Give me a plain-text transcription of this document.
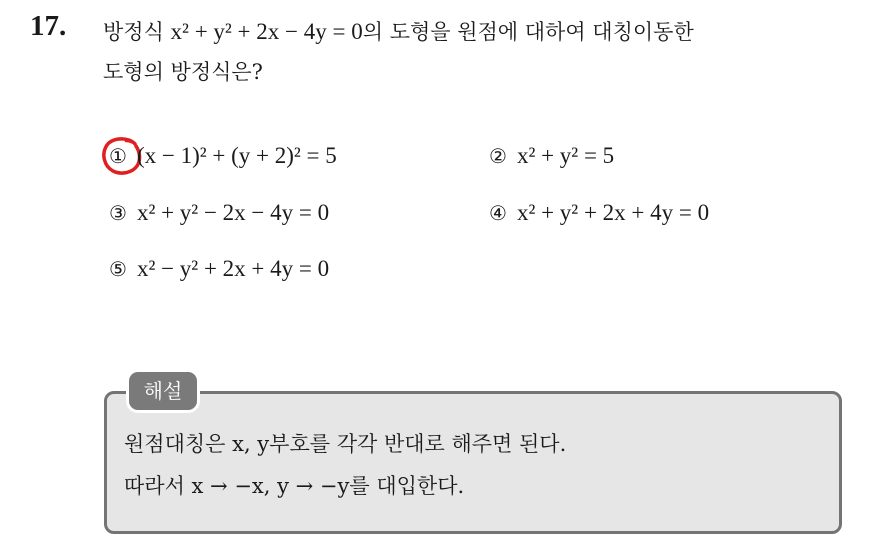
17. 방정식 x² + y² + 2x − 4y = 0의 도형을 원점에 대하여 대칭이동한
도형의 방정식은?
① (x − 1)² + (y + 2)² = 5	② x² + y² = 5
③ x² + y² − 2x − 4y = 0	④ x² + y² + 2x + 4y = 0
⑤ x² − y² + 2x + 4y = 0
해설
원점대칭은 x, y부호를 각각 반대로 해주면 된다.
따라서 x → −x, y → −y를 대입한다.
